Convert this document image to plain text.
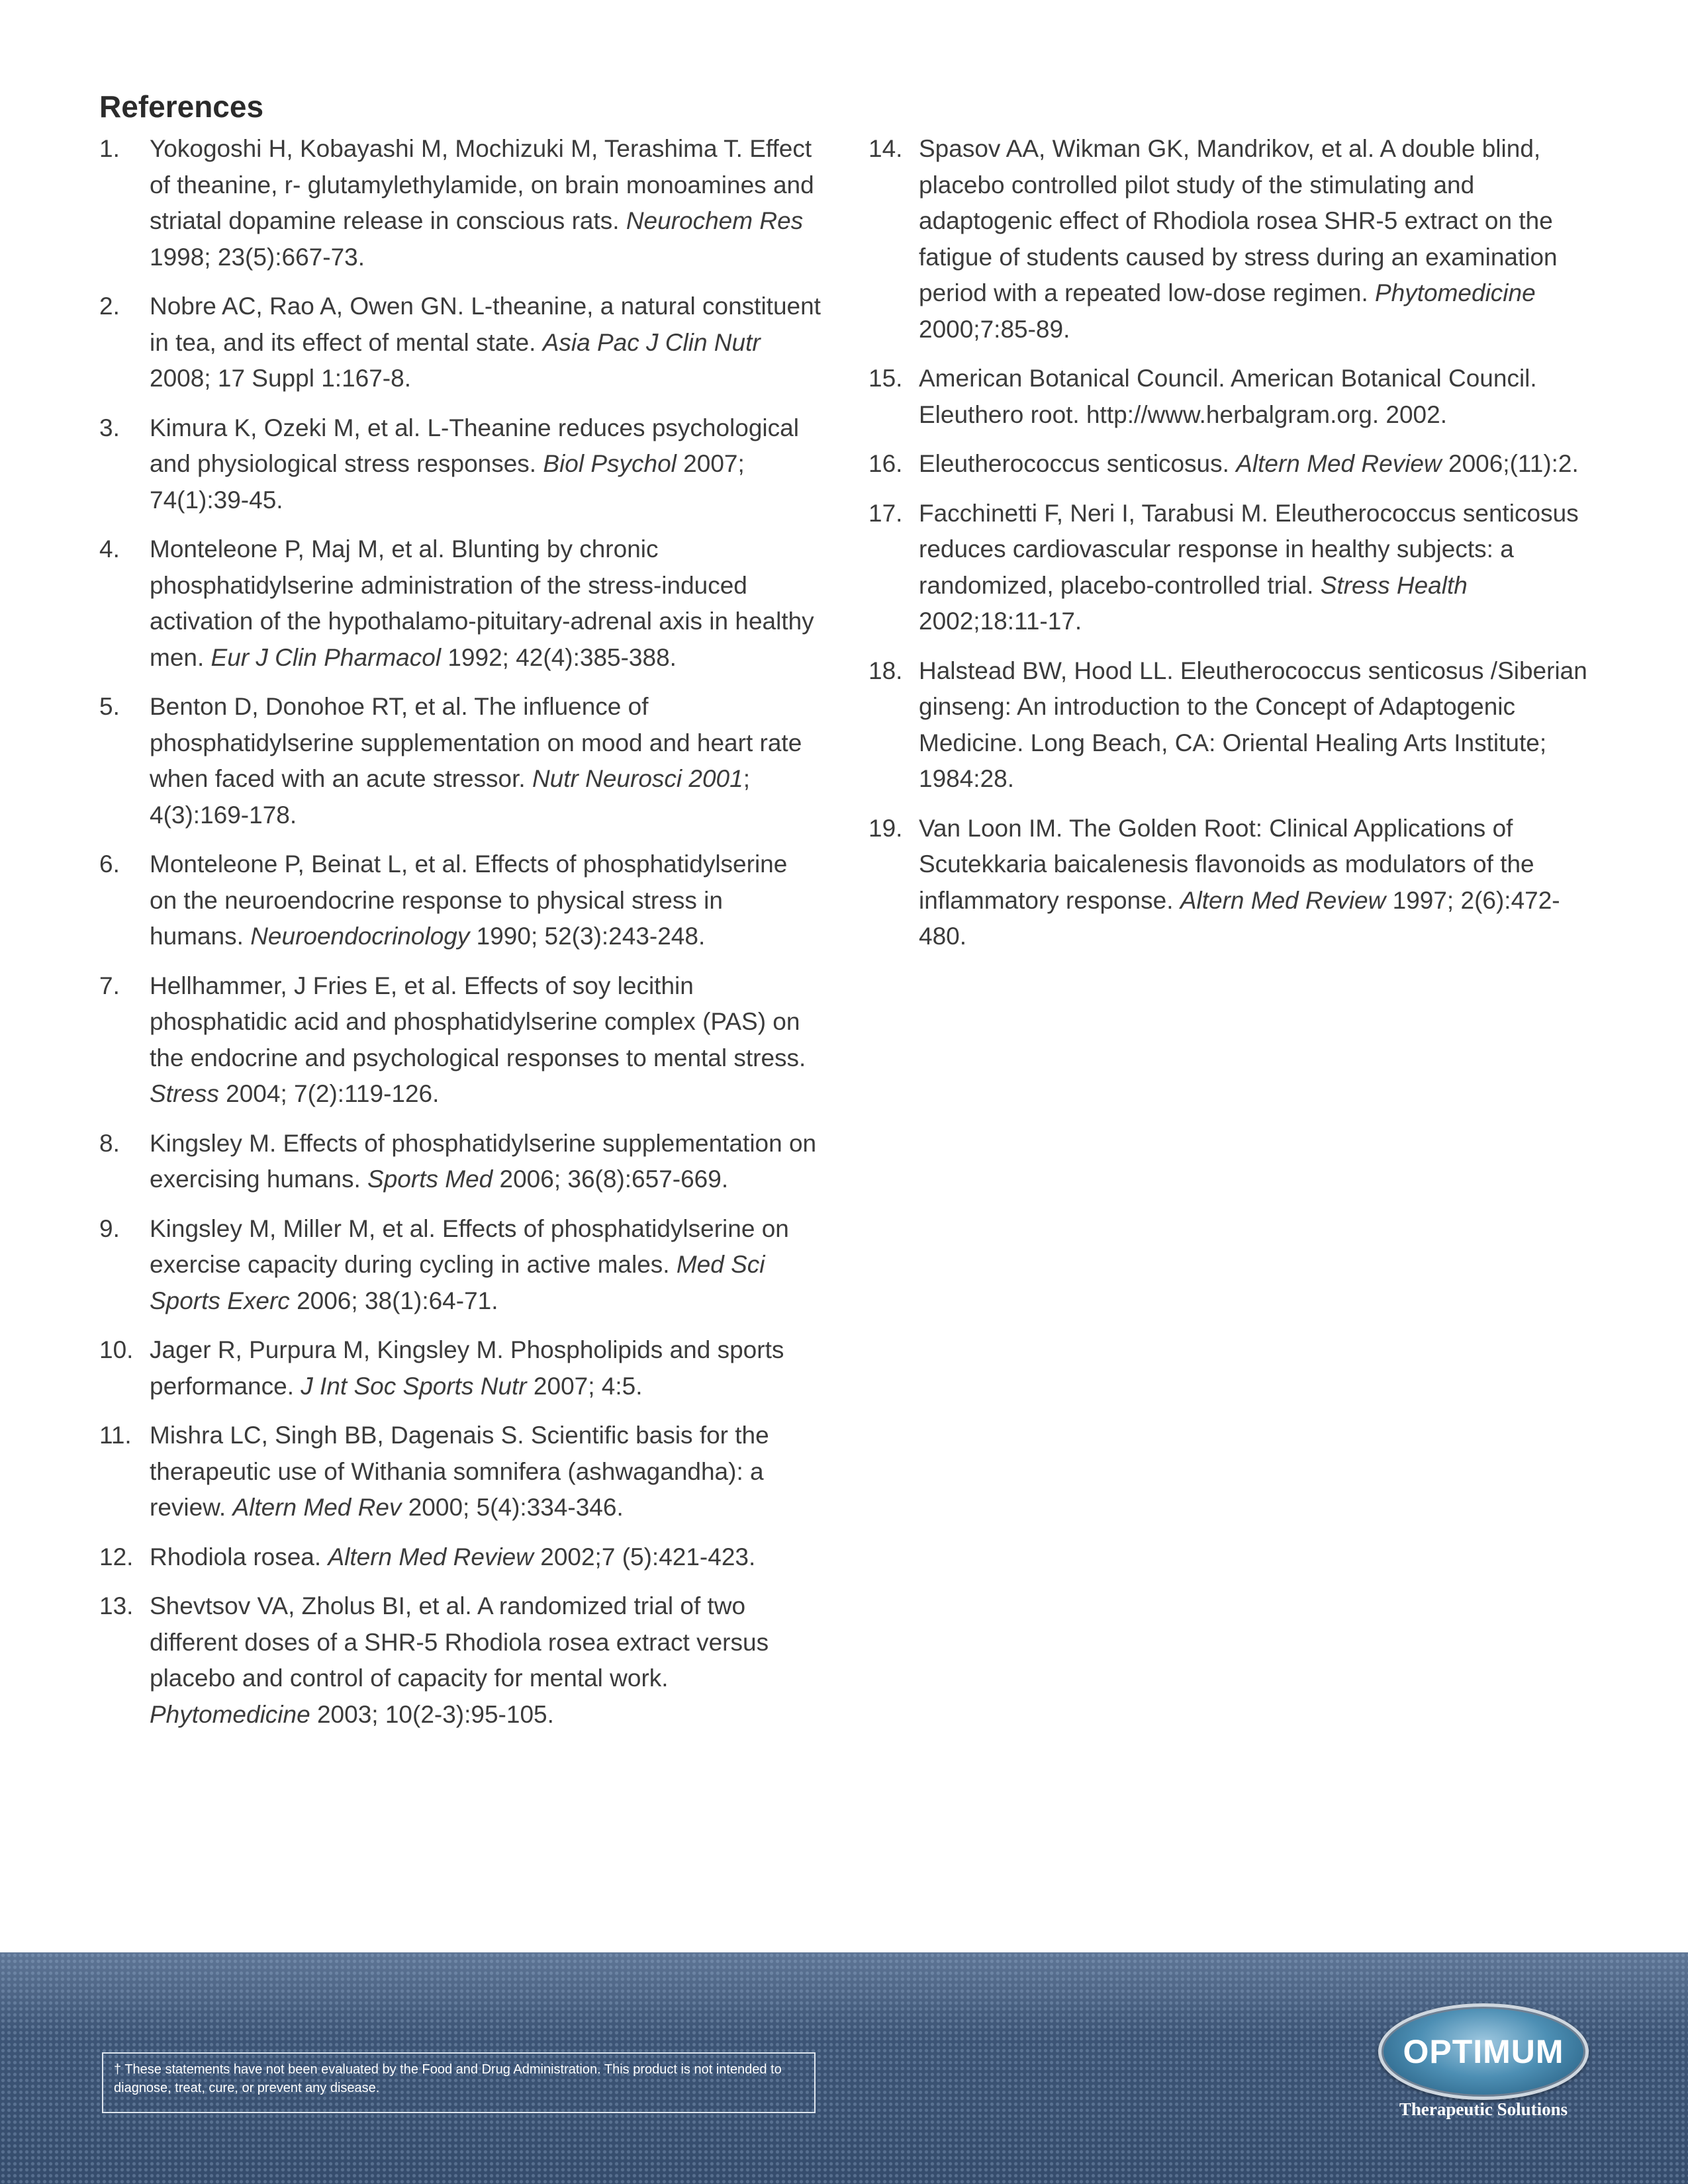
References
1. Yokogoshi H, Kobayashi M, Mochizuki M, Terashima T. Effect of theanine, r- glutamylethylamide, on brain monoamines and striatal dopamine release in conscious rats. Neurochem Res 1998; 23(5):667-73.
2. Nobre AC, Rao A, Owen GN. L-theanine, a natural constituent in tea, and its effect of mental state. Asia Pac J Clin Nutr 2008; 17 Suppl 1:167-8.
3. Kimura K, Ozeki M, et al. L-Theanine reduces psychological and physiological stress responses. Biol Psychol 2007; 74(1):39-45.
4. Monteleone P, Maj M, et al. Blunting by chronic phosphatidylserine administration of the stress-induced activation of the hypothalamo-pituitary-adrenal axis in healthy men. Eur J Clin Pharmacol 1992; 42(4):385-388.
5. Benton D, Donohoe RT, et al. The influence of phosphatidylserine supplementation on mood and heart rate when faced with an acute stressor. Nutr Neurosci 2001; 4(3):169-178.
6. Monteleone P, Beinat L, et al. Effects of phosphatidylserine on the neuroendocrine response to physical stress in humans. Neuroendocrinology 1990; 52(3):243-248.
7. Hellhammer, J Fries E, et al. Effects of soy lecithin phosphatidic acid and phosphatidylserine complex (PAS) on the endocrine and psychological responses to mental stress. Stress 2004; 7(2):119-126.
8. Kingsley M. Effects of phosphatidylserine supplementation on exercising humans. Sports Med 2006; 36(8):657-669.
9. Kingsley M, Miller M, et al. Effects of phosphatidylserine on exercise capacity during cycling in active males. Med Sci Sports Exerc 2006; 38(1):64-71.
10. Jager R, Purpura M, Kingsley M. Phospholipids and sports performance. J Int Soc Sports Nutr 2007; 4:5.
11. Mishra LC, Singh BB, Dagenais S. Scientific basis for the therapeutic use of Withania somnifera (ashwagandha): a review. Altern Med Rev 2000; 5(4):334-346.
12. Rhodiola rosea. Altern Med Review 2002;7 (5):421-423.
13. Shevtsov VA, Zholus BI, et al. A randomized trial of two different doses of a SHR-5 Rhodiola rosea extract versus placebo and control of capacity for mental work. Phytomedicine 2003; 10(2-3):95-105.
14. Spasov AA, Wikman GK, Mandrikov, et al. A double blind, placebo controlled pilot study of the stimulating and adaptogenic effect of Rhodiola rosea SHR-5 extract on the fatigue of students caused by stress during an examination period with a repeated low-dose regimen. Phytomedicine 2000;7:85-89.
15. American Botanical Council. American Botanical Council. Eleuthero root. http://www.herbalgram.org. 2002.
16. Eleutherococcus senticosus. Altern Med Review 2006;(11):2.
17. Facchinetti F, Neri I, Tarabusi M. Eleutherococcus senticosus reduces cardiovascular response in healthy subjects: a randomized, placebo-controlled trial. Stress Health 2002;18:11-17.
18. Halstead BW, Hood LL. Eleutherococcus senticosus /Siberian ginseng: An introduction to the Concept of Adaptogenic Medicine. Long Beach, CA: Oriental Healing Arts Institute; 1984:28.
19. Van Loon IM. The Golden Root: Clinical Applications of Scutekkaria baicalenesis flavonoids as modulators of the inflammatory response. Altern Med Review 1997; 2(6):472- 480.
† These statements have not been evaluated by the Food and Drug Administration. This product is not intended to diagnose, treat, cure, or prevent any disease.
OPTIMUM
Therapeutic Solutions
